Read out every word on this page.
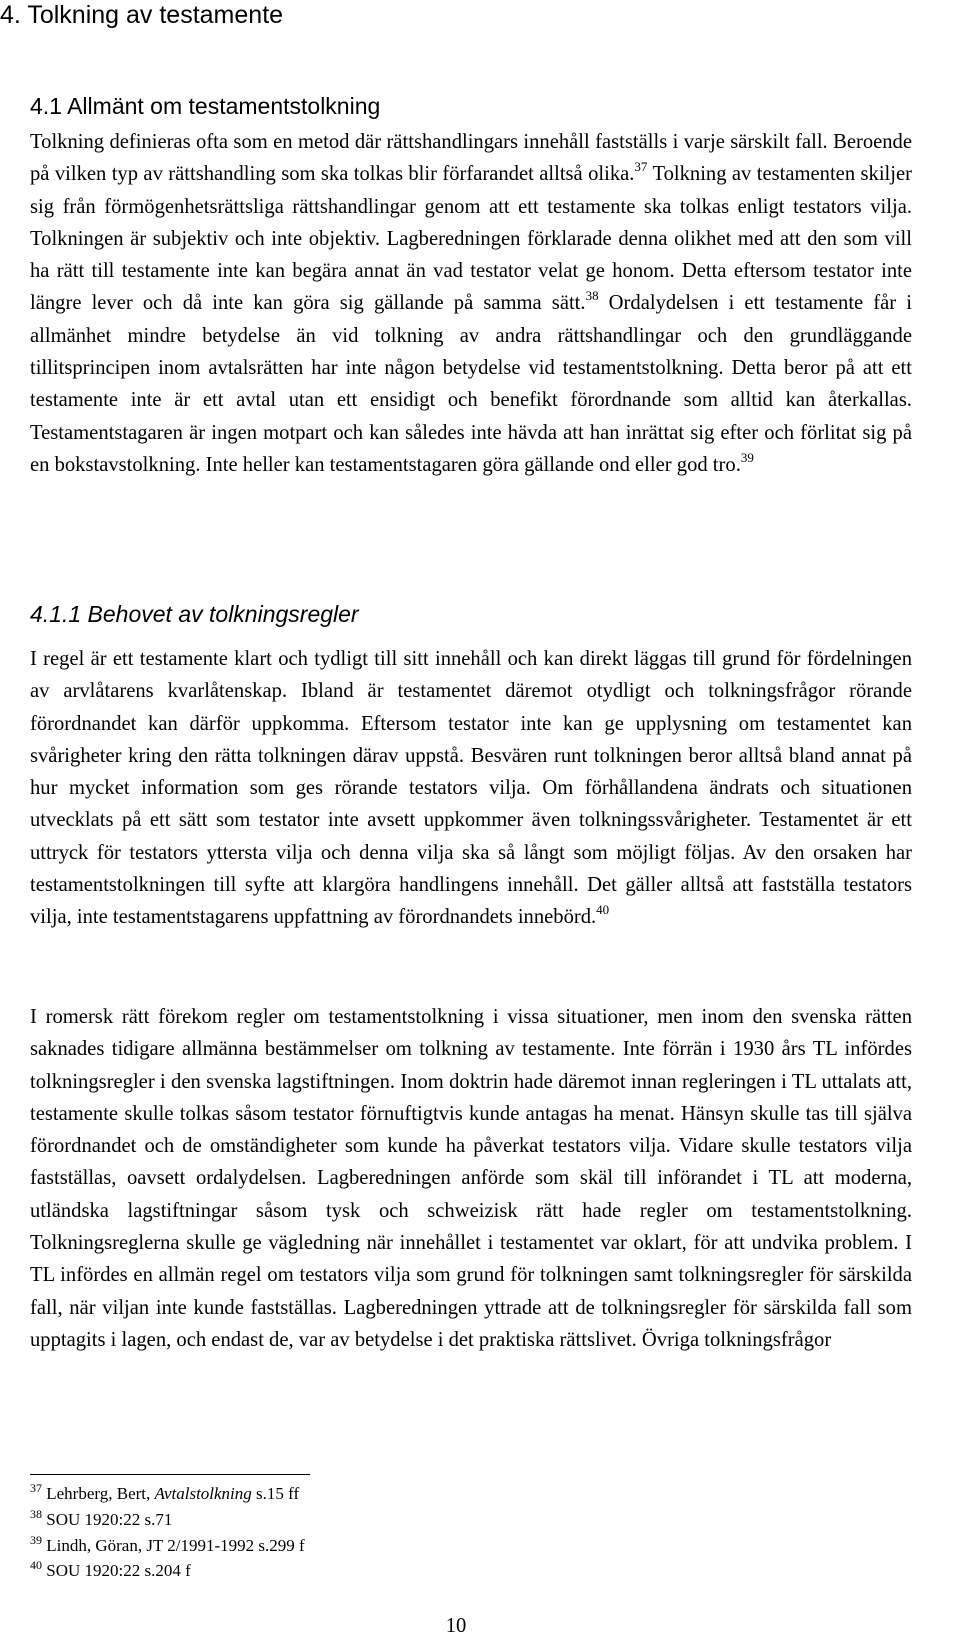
4. Tolkning av testamente
4.1 Allmänt om testamentstolkning
Tolkning definieras ofta som en metod där rättshandlingars innehåll fastställs i varje särskilt fall. Beroende på vilken typ av rättshandling som ska tolkas blir förfarandet alltså olika.$^{37}$ Tolkning av testamenten skiljer sig från förmögenhetsrättsliga rättshandlingar genom att ett testamente ska tolkas enligt testators vilja. Tolkningen är subjektiv och inte objektiv. Lagberedningen förklarade denna olikhet med att den som vill ha rätt till testamente inte kan begära annat än vad testator velat ge honom. Detta eftersom testator inte längre lever och då inte kan göra sig gällande på samma sätt.$^{38}$ Ordalydelsen i ett testamente får i allmänhet mindre betydelse än vid tolkning av andra rättshandlingar och den grundläggande tillitsprincipen inom avtalsrätten har inte någon betydelse vid testamentstolkning. Detta beror på att ett testamente inte är ett avtal utan ett ensidigt och benefikt förordnande som alltid kan återkallas. Testamentstagaren är ingen motpart och kan således inte hävda att han inrättat sig efter och förlitat sig på en bokstavstolkning. Inte heller kan testamentstagaren göra gällande ond eller god tro.$^{39}$
4.1.1 Behovet av tolkningsregler
I regel är ett testamente klart och tydligt till sitt innehåll och kan direkt läggas till grund för fördelningen av arvlåtarens kvarlåtenskap. Ibland är testamentet däremot otydligt och tolkningsfrågor rörande förordnandet kan därför uppkomma. Eftersom testator inte kan ge upplysning om testamentet kan svårigheter kring den rätta tolkningen därav uppstå. Besvären runt tolkningen beror alltså bland annat på hur mycket information som ges rörande testators vilja. Om förhållandena ändrats och situationen utvecklats på ett sätt som testator inte avsett uppkommer även tolkningssvårigheter. Testamentet är ett uttryck för testators yttersta vilja och denna vilja ska så långt som möjligt följas. Av den orsaken har testamentstolkningen till syfte att klargöra handlingens innehåll. Det gäller alltså att fastställa testators vilja, inte testamentstagarens uppfattning av förordnandets innebörd.$^{40}$
I romersk rätt förekom regler om testamentstolkning i vissa situationer, men inom den svenska rätten saknades tidigare allmänna bestämmelser om tolkning av testamente. Inte förrän i 1930 års TL infördes tolkningsregler i den svenska lagstiftningen. Inom doktrin hade däremot innan regleringen i TL uttalats att, testamente skulle tolkas såsom testator förnuftigtvis kunde antagas ha menat. Hänsyn skulle tas till själva förordnandet och de omständigheter som kunde ha påverkat testators vilja. Vidare skulle testators vilja fastställas, oavsett ordalydelsen. Lagberedningen anförde som skäl till införandet i TL att moderna, utländska lagstiftningar såsom tysk och schweizisk rätt hade regler om testamentstolkning. Tolkningsreglerna skulle ge vägledning när innehållet i testamentet var oklart, för att undvika problem. I TL infördes en allmän regel om testators vilja som grund för tolkningen samt tolkningsregler för särskilda fall, när viljan inte kunde fastställas. Lagberedningen yttrade att de tolkningsregler för särskilda fall som upptagits i lagen, och endast de, var av betydelse i det praktiska rättslivet. Övriga tolkningsfrågor
$^{37}$ Lehrberg, Bert, Avtalstolkning s.15 ff
$^{38}$ SOU 1920:22 s.71
$^{39}$ Lindh, Göran, JT 2/1991-1992 s.299 f
$^{40}$ SOU 1920:22 s.204 f
10
